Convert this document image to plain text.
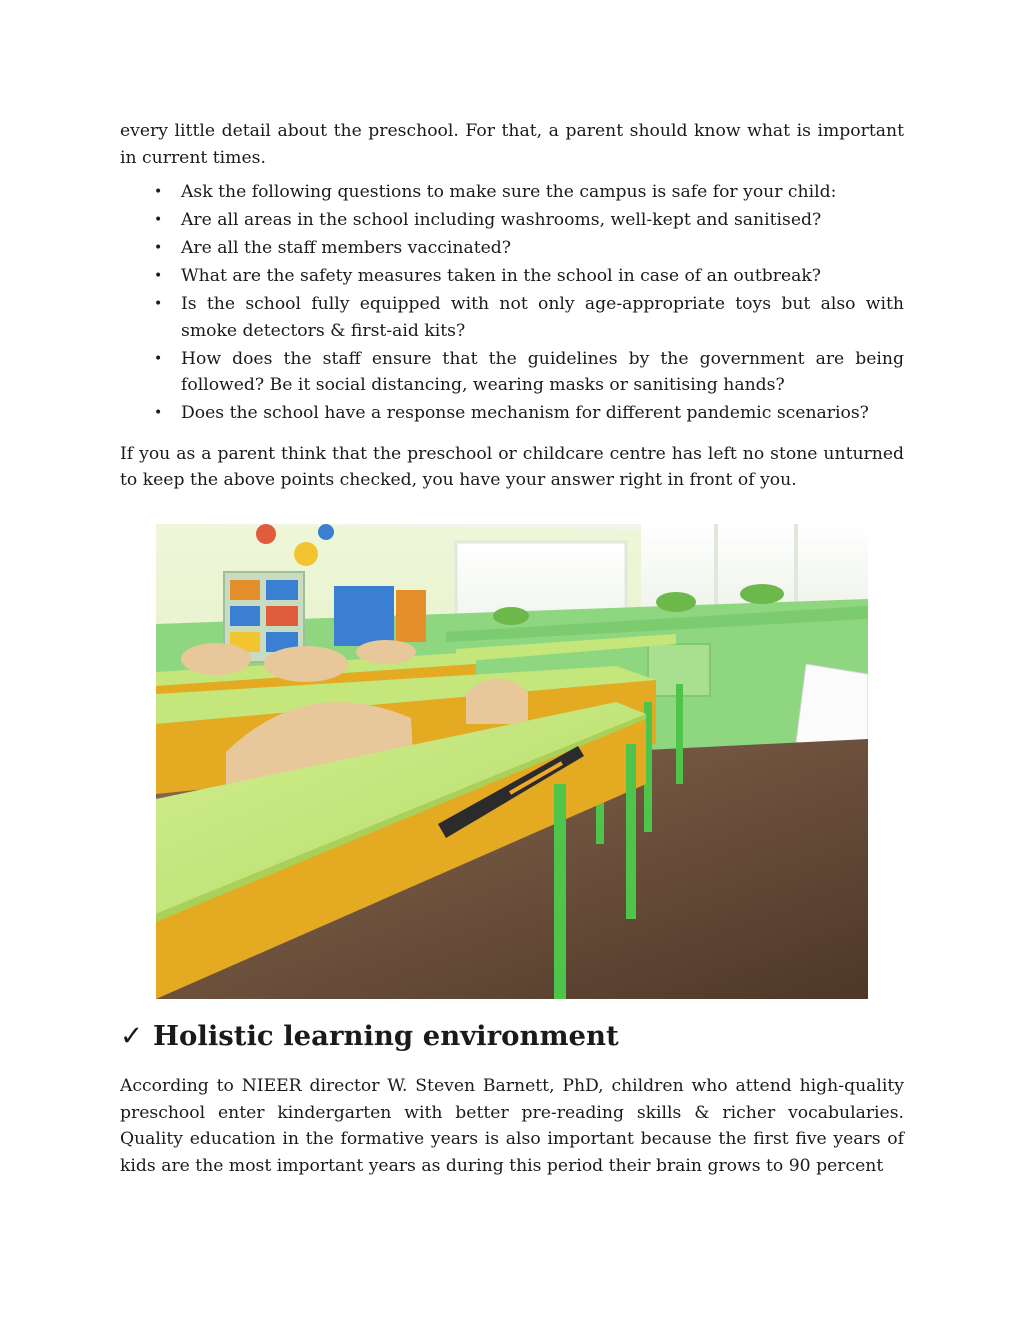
every little detail about the preschool. For that, a parent should know what is important in current times.

• Ask the following questions to make sure the campus is safe for your child:
• Are all areas in the school including washrooms, well-kept and sanitised?
• Are all the staff members vaccinated?
• What are the safety measures taken in the school in case of an outbreak?
• Is the school fully equipped with not only age-appropriate toys but also with smoke detectors & first-aid kits?
• How does the staff ensure that the guidelines by the government are being followed? Be it social distancing, wearing masks or sanitising hands?
• Does the school have a response mechanism for different pandemic scenarios?

If you as a parent think that the preschool or childcare centre has left no stone unturned to keep the above points checked, you have your answer right in front of you.

✓ Holistic learning environment

According to NIEER director W. Steven Barnett, PhD, children who attend high-quality preschool enter kindergarten with better pre-reading skills & richer vocabularies. Quality education in the formative years is also important because the first five years of kids are the most important years as during this period their brain grows to 90 percent
